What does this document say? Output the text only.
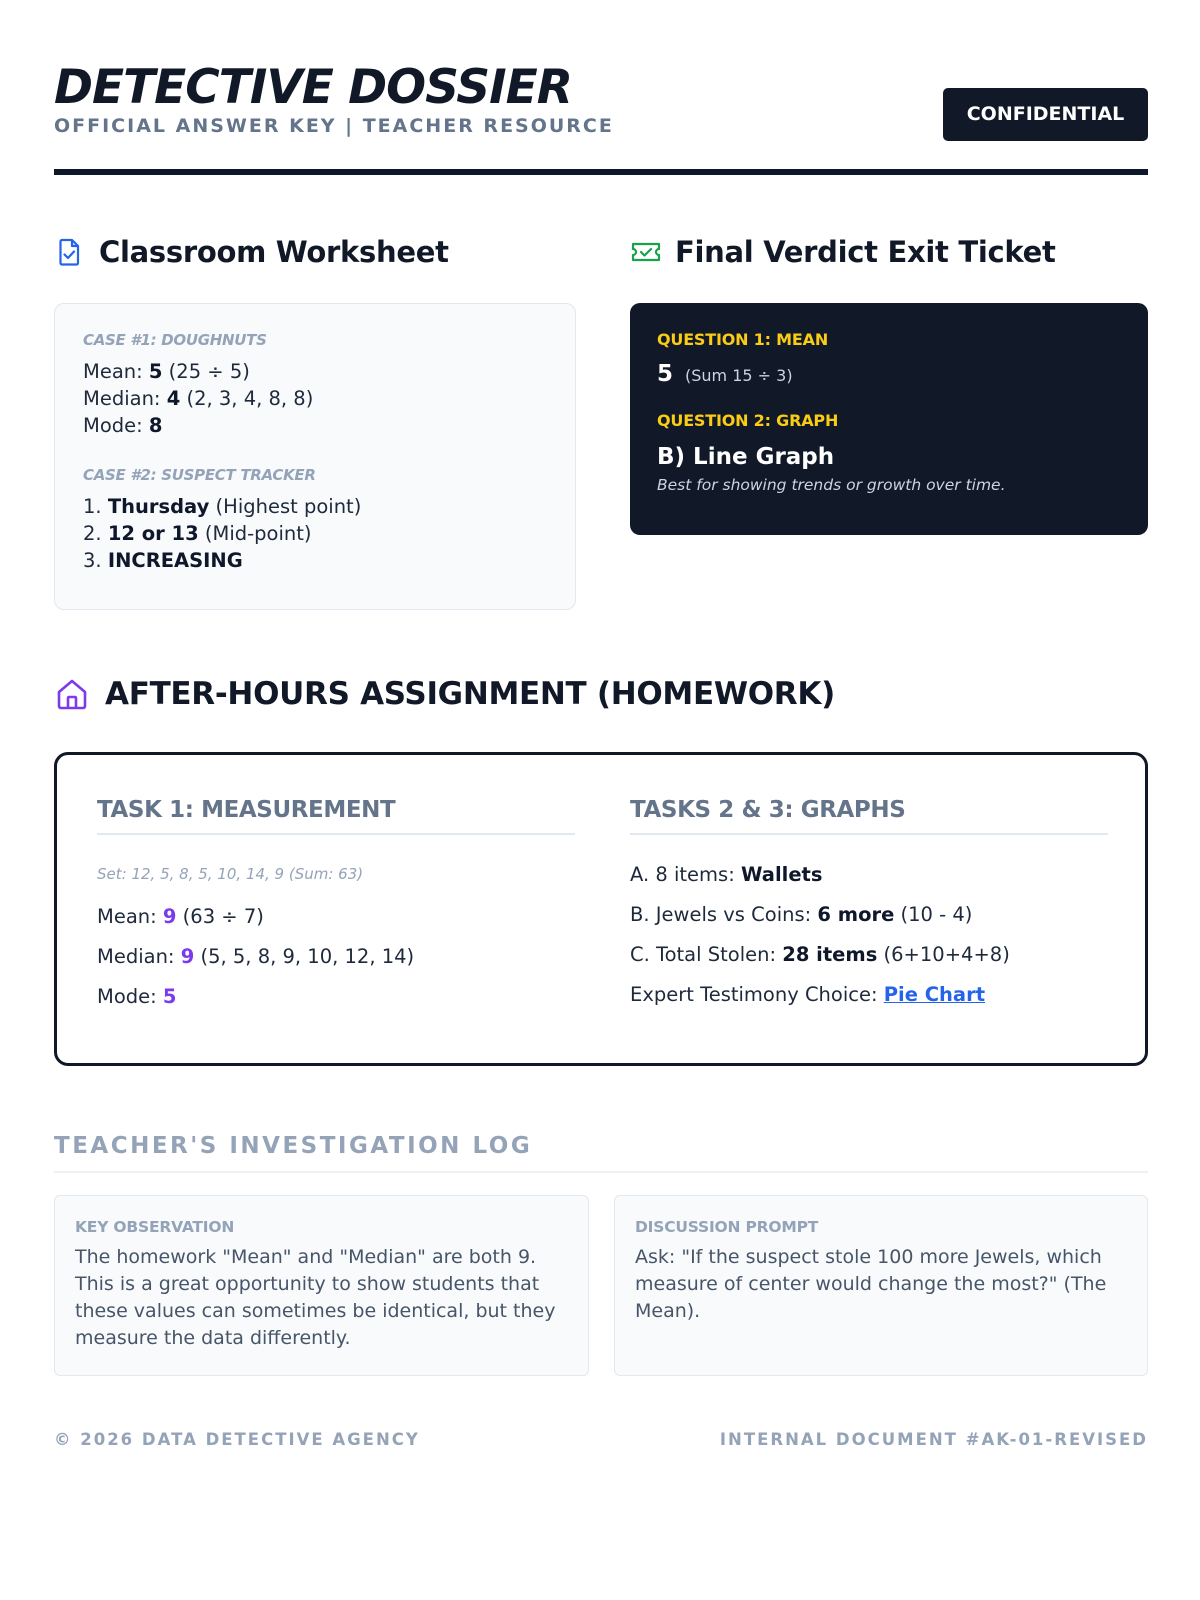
DETECTIVE DOSSIER
OFFICIAL ANSWER KEY | TEACHER RESOURCE
CONFIDENTIAL
Classroom Worksheet	Final Verdict Exit Ticket
CASE #1: DOUGHNUTS
Mean: 5 (25 ÷ 5)
Median: 4 (2, 3, 4, 8, 8)
Mode: 8
CASE #2: SUSPECT TRACKER
1. Thursday (Highest point)
2. 12 or 13 (Mid-point)
3. INCREASING
QUESTION 1: MEAN
5 (Sum 15 ÷ 3)
QUESTION 2: GRAPH
B) Line Graph
Best for showing trends or growth over time.
AFTER-HOURS ASSIGNMENT (HOMEWORK)
TASK 1: MEASUREMENT
Set: 12, 5, 8, 5, 10, 14, 9 (Sum: 63)
Mean: 9 (63 ÷ 7)
Median: 9 (5, 5, 8, 9, 10, 12, 14)
Mode: 5
TASKS 2 & 3: GRAPHS
A. 8 items: Wallets
B. Jewels vs Coins: 6 more (10 - 4)
C. Total Stolen: 28 items (6+10+4+8)
Expert Testimony Choice: Pie Chart
TEACHER'S INVESTIGATION LOG
KEY OBSERVATION
The homework "Mean" and "Median" are both 9. This is a great opportunity to show students that these values can sometimes be identical, but they measure the data differently.
DISCUSSION PROMPT
Ask: "If the suspect stole 100 more Jewels, which measure of center would change the most?" (The Mean).
© 2026 DATA DETECTIVE AGENCY	INTERNAL DOCUMENT #AK-01-REVISED
